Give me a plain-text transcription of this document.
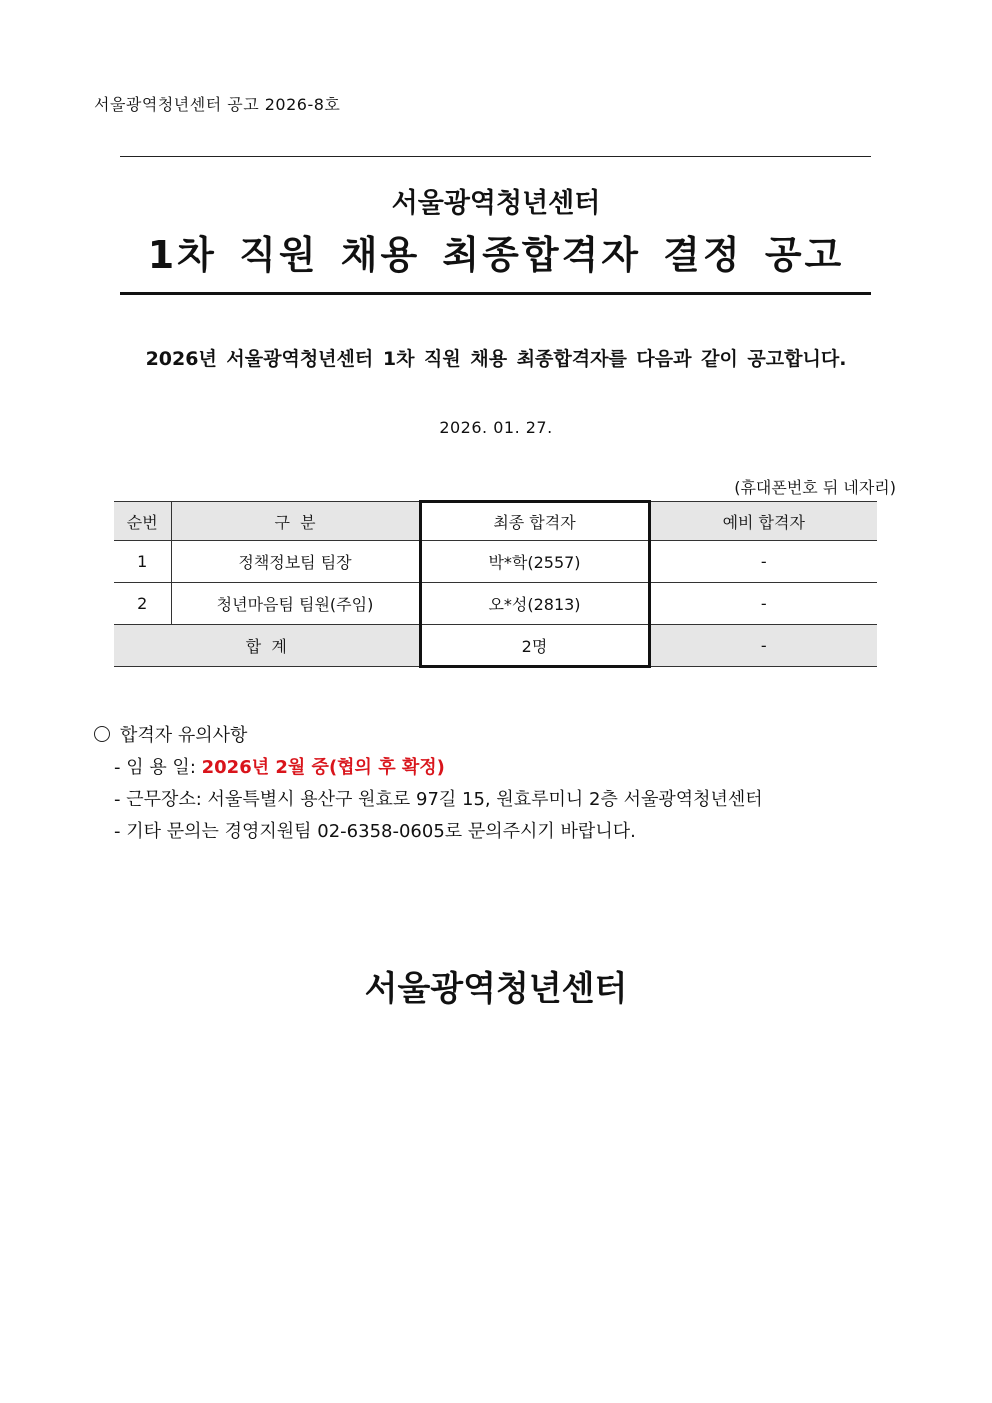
서울광역청년센터 공고 2026-8호
서울광역청년센터
1차 직원 채용 최종합격자 결정 공고
2026년 서울광역청년센터 1차 직원 채용 최종합격자를 다음과 같이 공고합니다.
2026. 01. 27.
(휴대폰번호 뒤 네자리)
순번	구  분	최종 합격자	예비 합격자
1	정책정보팀 팀장	박*학(2557)	-
2	청년마음팀 팀원(주임)	오*성(2813)	-
합  계		2명	-
합격자 유의사항
- 임 용 일: 2026년 2월 중(협의 후 확정)
- 근무장소: 서울특별시 용산구 원효로 97길 15, 원효루미니 2층 서울광역청년센터
- 기타 문의는 경영지원팀 02-6358-0605로 문의주시기 바랍니다.
서울광역청년센터
